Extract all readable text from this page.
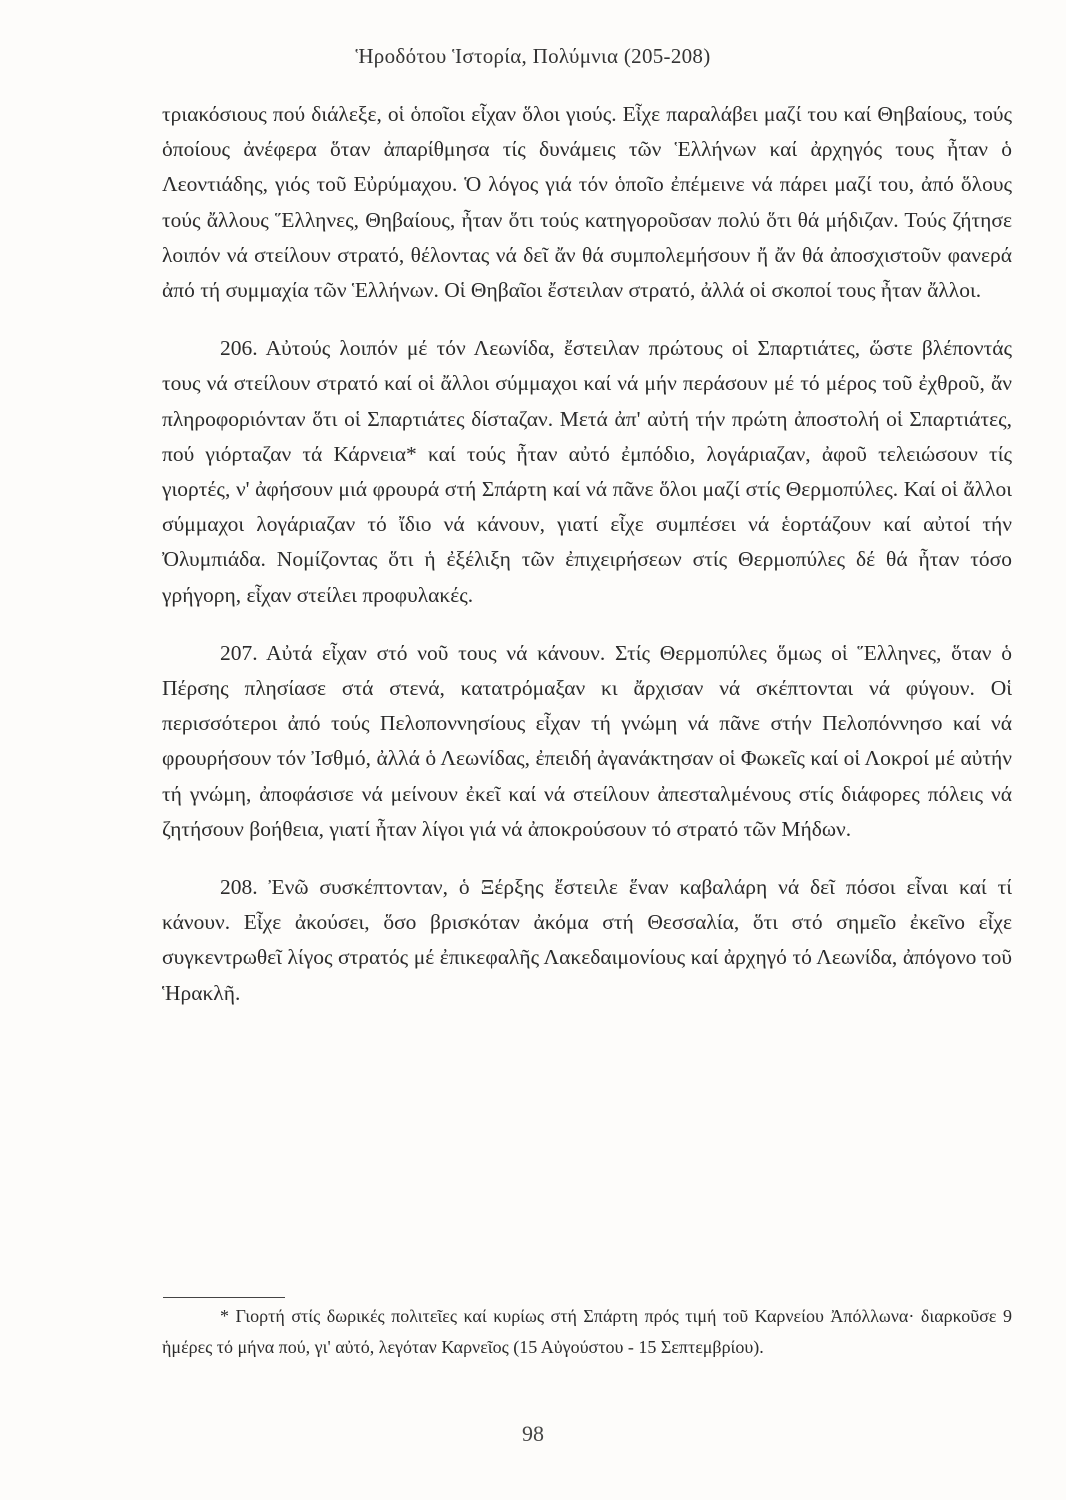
Ἡροδότου Ἱστορία, Πολύμνια (205-208)

τριακόσιους πού διάλεξε, οἱ ὁποῖοι εἶχαν ὅλοι γιούς. Εἶχε παραλάβει μαζί του καί Θηβαίους, τούς ὁποίους ἀνέφερα ὅταν ἀπαρίθμησα τίς δυνάμεις τῶν Ἑλλήνων καί ἀρχηγός τους ἦταν ὁ Λεοντιάδης, γιός τοῦ Εὐρύμαχου. Ὁ λόγος γιά τόν ὁποῖο ἐπέμεινε νά πάρει μαζί του, ἀπό ὅλους τούς ἄλλους Ἕλληνες, Θηβαίους, ἦταν ὅτι τούς κατηγοροῦσαν πολύ ὅτι θά μήδιζαν. Τούς ζήτησε λοιπόν νά στείλουν στρατό, θέλοντας νά δεῖ ἄν θά συμπολεμήσουν ἤ ἄν θά ἀποσχιστοῦν φανερά ἀπό τή συμμαχία τῶν Ἑλλήνων. Οἱ Θηβαῖοι ἔστειλαν στρατό, ἀλλά οἱ σκοποί τους ἦταν ἄλλοι.

206. Αὐτούς λοιπόν μέ τόν Λεωνίδα, ἔστειλαν πρώτους οἱ Σπαρτιάτες, ὥστε βλέποντάς τους νά στείλουν στρατό καί οἱ ἄλλοι σύμμαχοι καί νά μήν περάσουν μέ τό μέρος τοῦ ἐχθροῦ, ἄν πληροφοριόνταν ὅτι οἱ Σπαρτιάτες δίσταζαν. Μετά ἀπ' αὐτή τήν πρώτη ἀποστολή οἱ Σπαρτιάτες, πού γιόρταζαν τά Κάρνεια* καί τούς ἦταν αὐτό ἐμπόδιο, λογάριαζαν, ἀφοῦ τελειώσουν τίς γιορτές, ν' ἀφήσουν μιά φρουρά στή Σπάρτη καί νά πᾶνε ὅλοι μαζί στίς Θερμοπύλες. Καί οἱ ἄλλοι σύμμαχοι λογάριαζαν τό ἴδιο νά κάνουν, γιατί εἶχε συμπέσει νά ἑορτάζουν καί αὐτοί τήν Ὀλυμπιάδα. Νομίζοντας ὅτι ἡ ἐξέλιξη τῶν ἐπιχειρήσεων στίς Θερμοπύλες δέ θά ἦταν τόσο γρήγορη, εἶχαν στείλει προφυλακές.

207. Αὐτά εἶχαν στό νοῦ τους νά κάνουν. Στίς Θερμοπύλες ὅμως οἱ Ἕλληνες, ὅταν ὁ Πέρσης πλησίασε στά στενά, κατατρόμαξαν κι ἄρχισαν νά σκέπτονται νά φύγουν. Οἱ περισσότεροι ἀπό τούς Πελοποννησίους εἶχαν τή γνώμη νά πᾶνε στήν Πελοπόννησο καί νά φρουρήσουν τόν Ἰσθμό, ἀλλά ὁ Λεωνίδας, ἐπειδή ἀγανάκτησαν οἱ Φωκεῖς καί οἱ Λοκροί μέ αὐτήν τή γνώμη, ἀποφάσισε νά μείνουν ἐκεῖ καί νά στείλουν ἀπεσταλμένους στίς διάφορες πόλεις νά ζητήσουν βοήθεια, γιατί ἦταν λίγοι γιά νά ἀποκρούσουν τό στρατό τῶν Μήδων.

208. Ἐνῶ συσκέπτονταν, ὁ Ξέρξης ἔστειλε ἕναν καβαλάρη νά δεῖ πόσοι εἶναι καί τί κάνουν. Εἶχε ἀκούσει, ὅσο βρισκόταν ἀκόμα στή Θεσσαλία, ὅτι στό σημεῖο ἐκεῖνο εἶχε συγκεντρωθεῖ λίγος στρατός μέ ἐπικεφαλῆς Λακεδαιμονίους καί ἀρχηγό τό Λεωνίδα, ἀπόγονο τοῦ Ἡρακλῆ.

* Γιορτή στίς δωρικές πολιτεῖες καί κυρίως στή Σπάρτη πρός τιμή τοῦ Καρνείου Ἀπόλλωνα· διαρκοῦσε 9 ἡμέρες τό μήνα πού, γι' αὐτό, λεγόταν Καρνεῖος (15 Αὐγούστου - 15 Σεπτεμβρίου).
98
